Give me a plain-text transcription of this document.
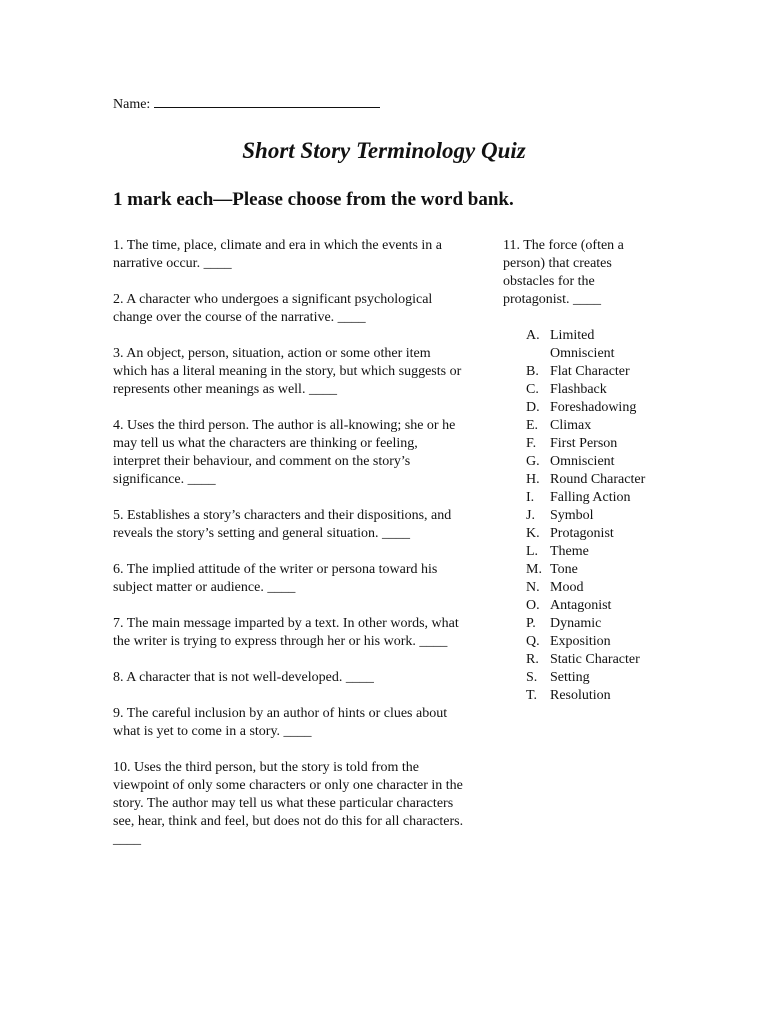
Name:
Short Story Terminology Quiz
1 mark each—Please choose from the word bank.

1. The time, place, climate and era in which the events in a narrative occur. ____

2. A character who undergoes a significant psychological change over the course of the narrative. ____

3. An object, person, situation, action or some other item which has a literal meaning in the story, but which suggests or represents other meanings as well. ____

4. Uses the third person. The author is all-knowing; she or he may tell us what the characters are thinking or feeling, interpret their behaviour, and comment on the story’s significance. ____

5. Establishes a story’s characters and their dispositions, and reveals the story’s setting and general situation. ____

6. The implied attitude of the writer or persona toward his subject matter or audience. ____

7. The main message imparted by a text. In other words, what the writer is trying to express through her or his work. ____

8. A character that is not well-developed. ____

9. The careful inclusion by an author of hints or clues about what is yet to come in a story. ____

10. Uses the third person, but the story is told from the viewpoint of only some characters or only one character in the story. The author may tell us what these particular characters see, hear, think and feel, but does not do this for all characters. ____

11. The force (often a person) that creates obstacles for the protagonist. ____

A. Limited Omniscient
B. Flat Character
C. Flashback
D. Foreshadowing
E. Climax
F. First Person
G. Omniscient
H. Round Character
I.	Falling Action
J.	Symbol
K. Protagonist
L. Theme
M. Tone
N. Mood
O. Antagonist
P.	Dynamic
Q. Exposition
R. Static Character
S. Setting
T. Resolution
